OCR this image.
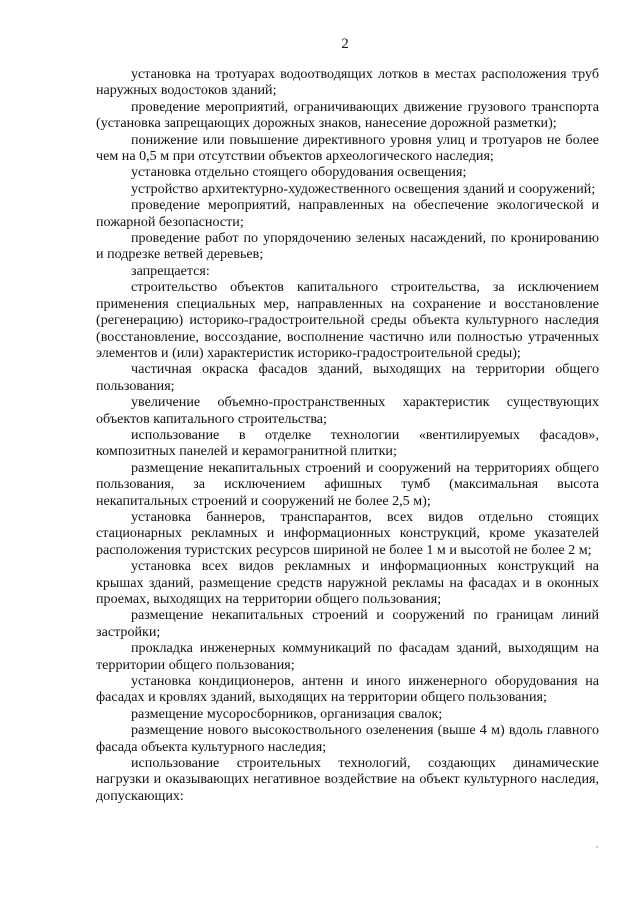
2

установка на тротуарах водоотводящих лотков в местах расположения труб наружных водостоков зданий;

проведение мероприятий, ограничивающих движение грузового транспорта (установка запрещающих дорожных знаков, нанесение дорожной разметки);

понижение или повышение директивного уровня улиц и тротуаров не более чем на 0,5 м при отсутствии объектов археологического наследия;

установка отдельно стоящего оборудования освещения;

устройство архитектурно-художественного освещения зданий и сооружений;

проведение мероприятий, направленных на обеспечение экологической и пожарной безопасности;

проведение работ по упорядочению зеленых насаждений, по кронированию и подрезке ветвей деревьев;

запрещается:

строительство объектов капитального строительства, за исключением применения специальных мер, направленных на сохранение и восстановление (регенерацию) историко-градостроительной среды объекта культурного наследия (восстановление, воссоздание, восполнение частично или полностью утраченных элементов и (или) характеристик историко-градостроительной среды);

частичная окраска фасадов зданий, выходящих на территории общего пользования;

увеличение объемно-пространственных характеристик существующих объектов капитального строительства;

использование в отделке технологии «вентилируемых фасадов», композитных панелей и керамогранитной плитки;

размещение некапитальных строений и сооружений на территориях общего пользования, за исключением афишных тумб (максимальная высота некапитальных строений и сооружений не более 2,5 м);

установка баннеров, транспарантов, всех видов отдельно стоящих стационарных рекламных и информационных конструкций, кроме указателей расположения туристских ресурсов шириной не более 1 м и высотой не более 2 м;

установка всех видов рекламных и информационных конструкций на крышах зданий, размещение средств наружной рекламы на фасадах и в оконных проемах, выходящих на территории общего пользования;

размещение некапитальных строений и сооружений по границам линий застройки;

прокладка инженерных коммуникаций по фасадам зданий, выходящим на территории общего пользования;

установка кондиционеров, антенн и иного инженерного оборудования на фасадах и кровлях зданий, выходящих на территории общего пользования;

размещение мусоросборников, организация свалок;

размещение нового высокоствольного озеленения (выше 4 м) вдоль главного фасада объекта культурного наследия;

использование строительных технологий, создающих динамические нагрузки и оказывающих негативное воздействие на объект культурного наследия, допускающих:
